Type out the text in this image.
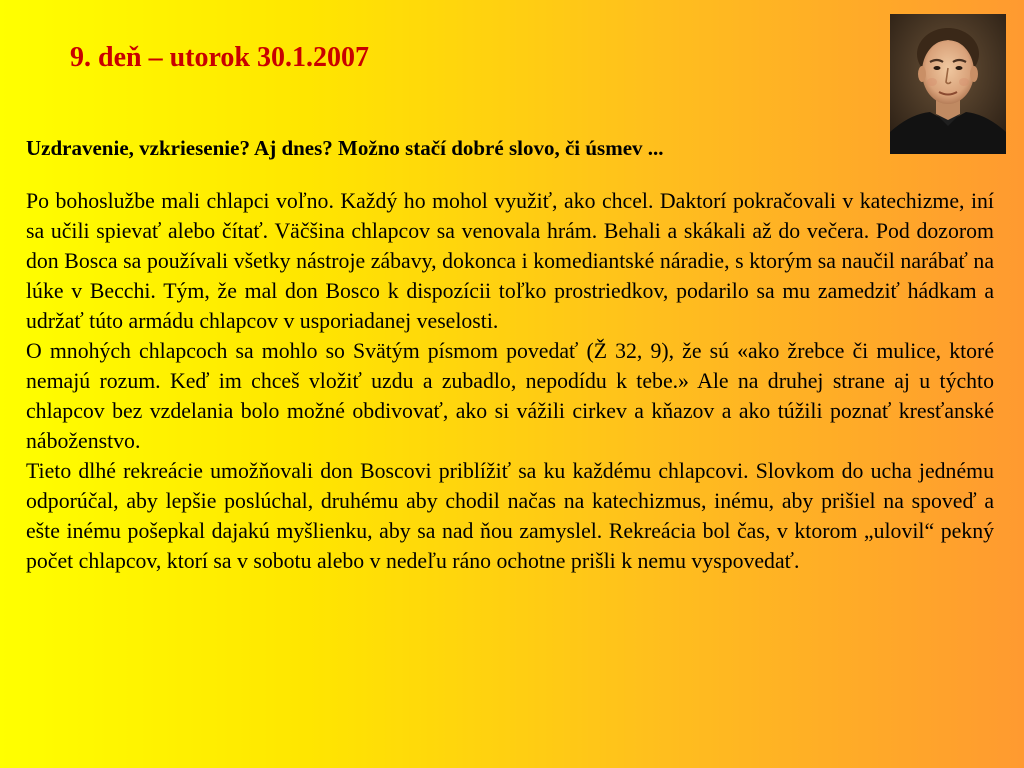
9. deň – utorok 30.1.2007
Uzdravenie, vzkriesenie? Aj dnes? Možno stačí dobré slovo, či úsmev ...

Po bohoslužbe mali chlapci voľno. Každý ho mohol využiť, ako chcel. Daktorí pokračovali v katechizme, iní sa učili spievať alebo čítať. Väčšina chlapcov sa venovala hrám. Behali a skákali až do večera. Pod dozorom don Bosca sa používali všetky nástroje zábavy, dokonca i komediantské náradie, s ktorým sa naučil narábať na lúke v Becchi. Tým, že mal don Bosco k dispozícii toľko prostriedkov, podarilo sa mu zamedziť hádkam a udržať túto armádu chlapcov v usporiadanej veselosti.

O mnohých chlapcoch sa mohlo so Svätým písmom povedať (Ž 32, 9), že sú «ako žrebce či mulice, ktoré nemajú rozum. Keď im chceš vložiť uzdu a zubadlo, nepodídu k tebe.» Ale na druhej strane aj u týchto chlapcov bez vzdelania bolo možné obdivovať, ako si vážili cirkev a kňazov a ako túžili poznať kresťanské náboženstvo.

Tieto dlhé rekreácie umožňovali don Boscovi priblížiť sa ku každému chlapcovi. Slovkom do ucha jednému odporúčal, aby lepšie poslúchal, druhému aby chodil načas na katechizmus, inému, aby prišiel na spoveď a ešte inému pošepkal dajakú myšlienku, aby sa nad ňou zamyslel. Rekreácia bol čas, v ktorom „ulovil“ pekný počet chlapcov, ktorí sa v sobotu alebo v nedeľu ráno ochotne prišli k nemu vyspovedať.
